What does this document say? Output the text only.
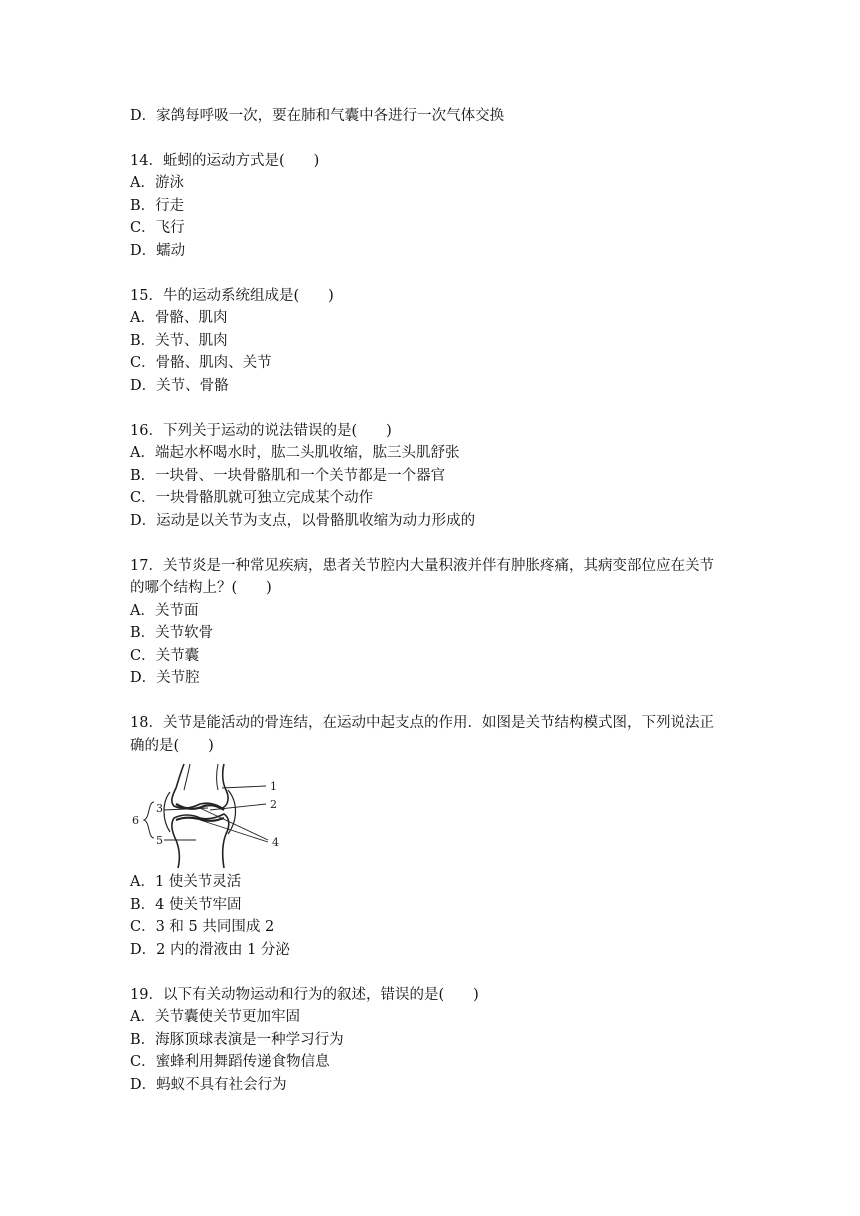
D．家鸽每呼吸一次，要在肺和气囊中各进行一次气体交换
14．蚯蚓的运动方式是(　　)
A．游泳
B．行走
C．飞行
D．蠕动
15．牛的运动系统组成是(　　)
A．骨骼、肌肉
B．关节、肌肉
C．骨骼、肌肉、关节
D．关节、骨骼
16．下列关于运动的说法错误的是(　　)
A．端起水杯喝水时，肱二头肌收缩，肱三头肌舒张
B．一块骨、一块骨骼肌和一个关节都是一个器官
C．一块骨骼肌就可独立完成某个动作
D．运动是以关节为支点，以骨骼肌收缩为动力形成的
17．关节炎是一种常见疾病，患者关节腔内大量积液并伴有肿胀疼痛，其病变部位应在关节
的哪个结构上？(　　)
A．关节面
B．关节软骨
C．关节囊
D．关节腔
18．关节是能活动的骨连结，在运动中起支点的作用．如图是关节结构模式图，下列说法正
确的是(　　)
1
2
3
4
5
6
A．1 使关节灵活
B．4 使关节牢固
C．3 和 5 共同围成 2
D．2 内的滑液由 1 分泌
19．以下有关动物运动和行为的叙述，错误的是(　　)
A．关节囊使关节更加牢固
B．海豚顶球表演是一种学习行为
C．蜜蜂利用舞蹈传递食物信息
D．蚂蚁不具有社会行为
